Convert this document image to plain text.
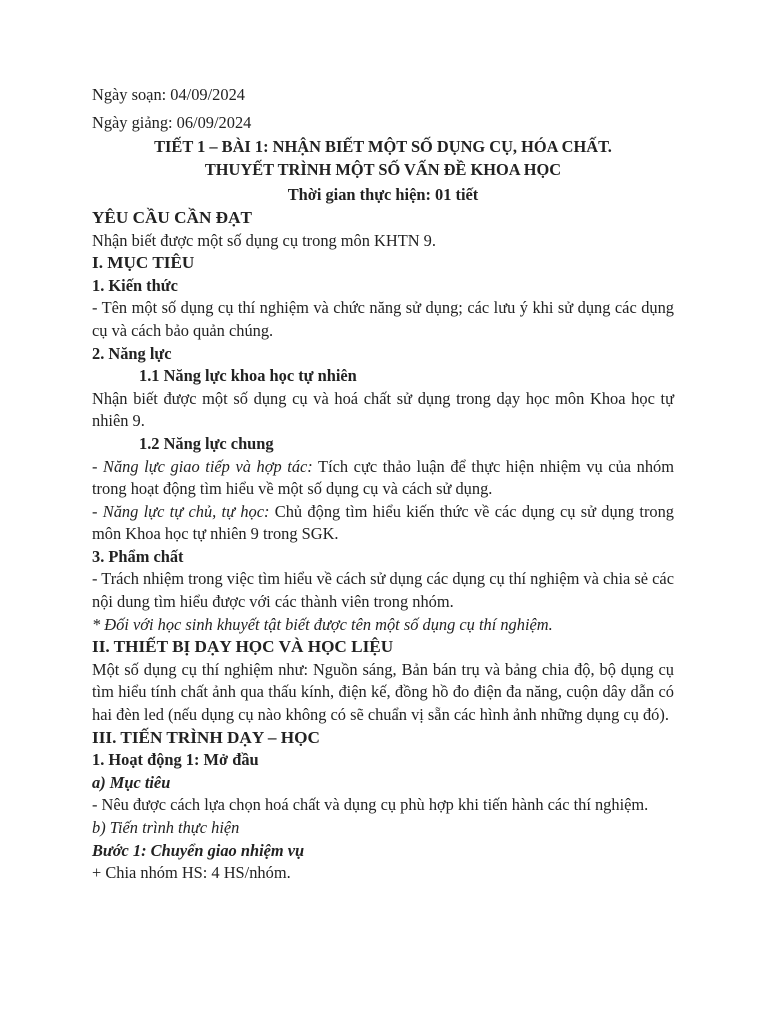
Ngày soạn: 04/09/2024

Ngày giảng: 06/09/2024

TIẾT 1 – BÀI 1: NHẬN BIẾT MỘT SỐ DỤNG CỤ, HÓA CHẤT.

THUYẾT TRÌNH MỘT SỐ VẤN ĐỀ KHOA HỌC

Thời gian thực hiện: 01 tiết

YÊU CẦU CẦN ĐẠT

Nhận biết được một số dụng cụ trong môn KHTN 9.

I. MỤC TIÊU

1. Kiến thức

- Tên một số dụng cụ thí nghiệm và chức năng sử dụng; các lưu ý khi sử dụng các dụng cụ và cách bảo quản chúng.

2. Năng lực

1.1 Năng lực khoa học tự nhiên

Nhận biết được một số dụng cụ và hoá chất sử dụng trong dạy học môn Khoa học tự nhiên 9.

1.2 Năng lực chung

- Năng lực giao tiếp và hợp tác: Tích cực thảo luận để thực hiện nhiệm vụ của nhóm trong hoạt động tìm hiểu về một số dụng cụ và cách sử dụng.

- Năng lực tự chủ, tự học: Chủ động tìm hiểu kiến thức về các dụng cụ sử dụng trong môn Khoa học tự nhiên 9 trong SGK.

3. Phẩm chất

- Trách nhiệm trong việc tìm hiểu về cách sử dụng các dụng cụ thí nghiệm và chia sẻ các nội dung tìm hiểu được với các thành viên trong nhóm.

* Đối với học sinh khuyết tật biết được tên một số dụng cụ thí nghiệm.

II. THIẾT BỊ DẠY HỌC VÀ HỌC LIỆU

Một số dụng cụ thí nghiệm như: Nguồn sáng, Bản bán trụ và bảng chia độ, bộ dụng cụ tìm hiểu tính chất ảnh qua thấu kính, điện kế, đồng hồ đo điện đa năng, cuộn dây dẫn có hai đèn led (nếu dụng cụ nào không có sẽ chuẩn vị sẵn các hình ảnh những dụng cụ đó).

III. TIẾN TRÌNH DẠY – HỌC

1. Hoạt động 1: Mở đầu

a) Mục tiêu

- Nêu được cách lựa chọn hoá chất và dụng cụ phù hợp khi tiến hành các thí nghiệm.

b) Tiến trình thực hiện

Bước 1: Chuyển giao nhiệm vụ

+ Chia nhóm HS: 4 HS/nhóm.
